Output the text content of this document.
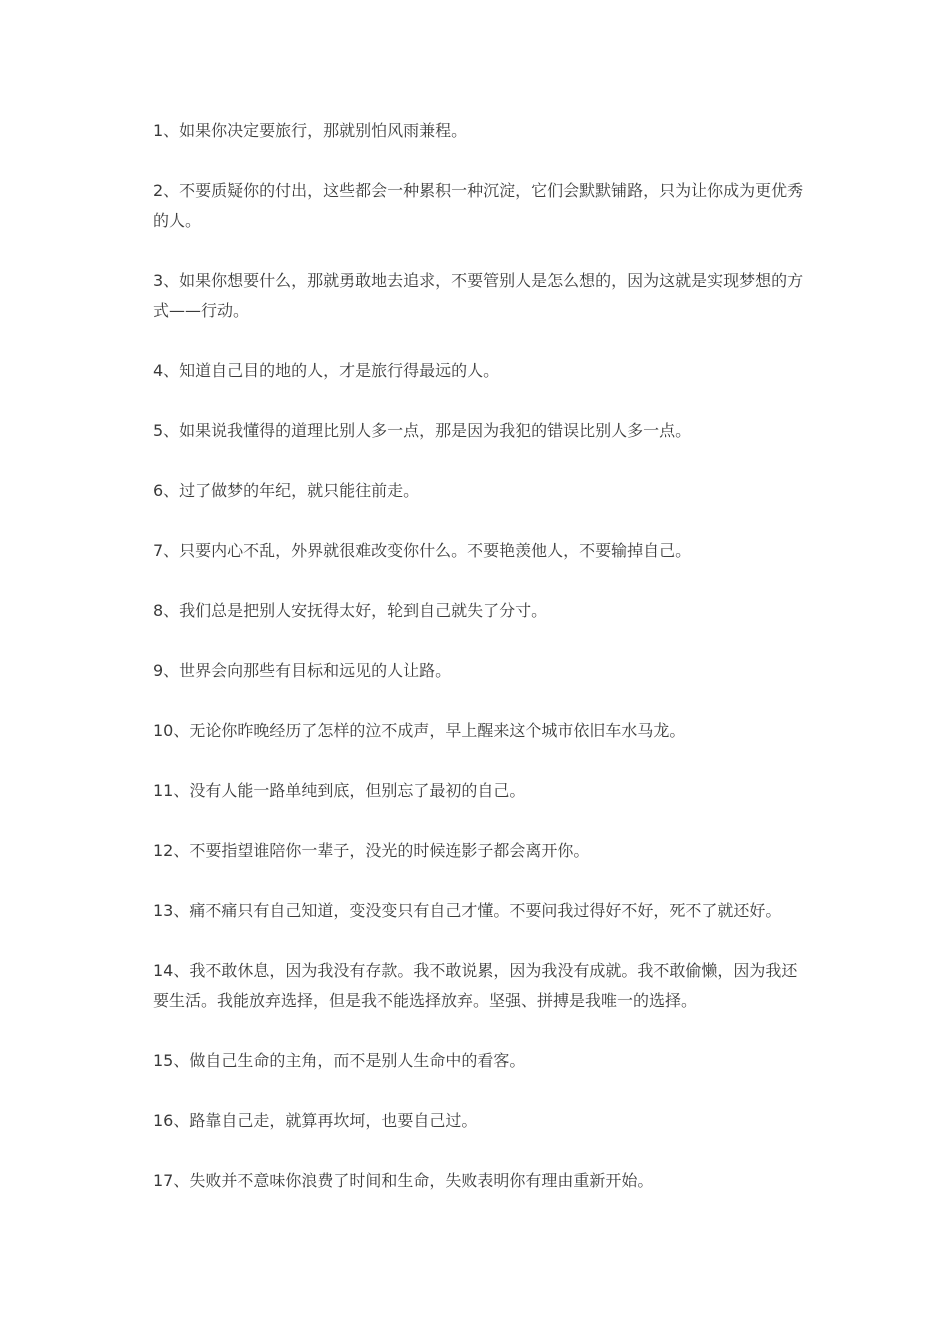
1、如果你决定要旅行，那就别怕风雨兼程。
2、不要质疑你的付出，这些都会一种累积一种沉淀，它们会默默铺路，只为让你成为更优秀的人。
3、如果你想要什么，那就勇敢地去追求，不要管别人是怎么想的，因为这就是实现梦想的方式——行动。
4、知道自己目的地的人，才是旅行得最远的人。
5、如果说我懂得的道理比别人多一点，那是因为我犯的错误比别人多一点。
6、过了做梦的年纪，就只能往前走。
7、只要内心不乱，外界就很难改变你什么。不要艳羡他人，不要输掉自己。
8、我们总是把别人安抚得太好，轮到自己就失了分寸。
9、世界会向那些有目标和远见的人让路。
10、无论你昨晚经历了怎样的泣不成声，早上醒来这个城市依旧车水马龙。
11、没有人能一路单纯到底，但别忘了最初的自己。
12、不要指望谁陪你一辈子，没光的时候连影子都会离开你。
13、痛不痛只有自己知道，变没变只有自己才懂。不要问我过得好不好，死不了就还好。
14、我不敢休息，因为我没有存款。我不敢说累，因为我没有成就。我不敢偷懒，因为我还要生活。我能放弃选择，但是我不能选择放弃。坚强、拼搏是我唯一的选择。
15、做自己生命的主角，而不是别人生命中的看客。
16、路靠自己走，就算再坎坷，也要自己过。
17、失败并不意味你浪费了时间和生命，失败表明你有理由重新开始。
